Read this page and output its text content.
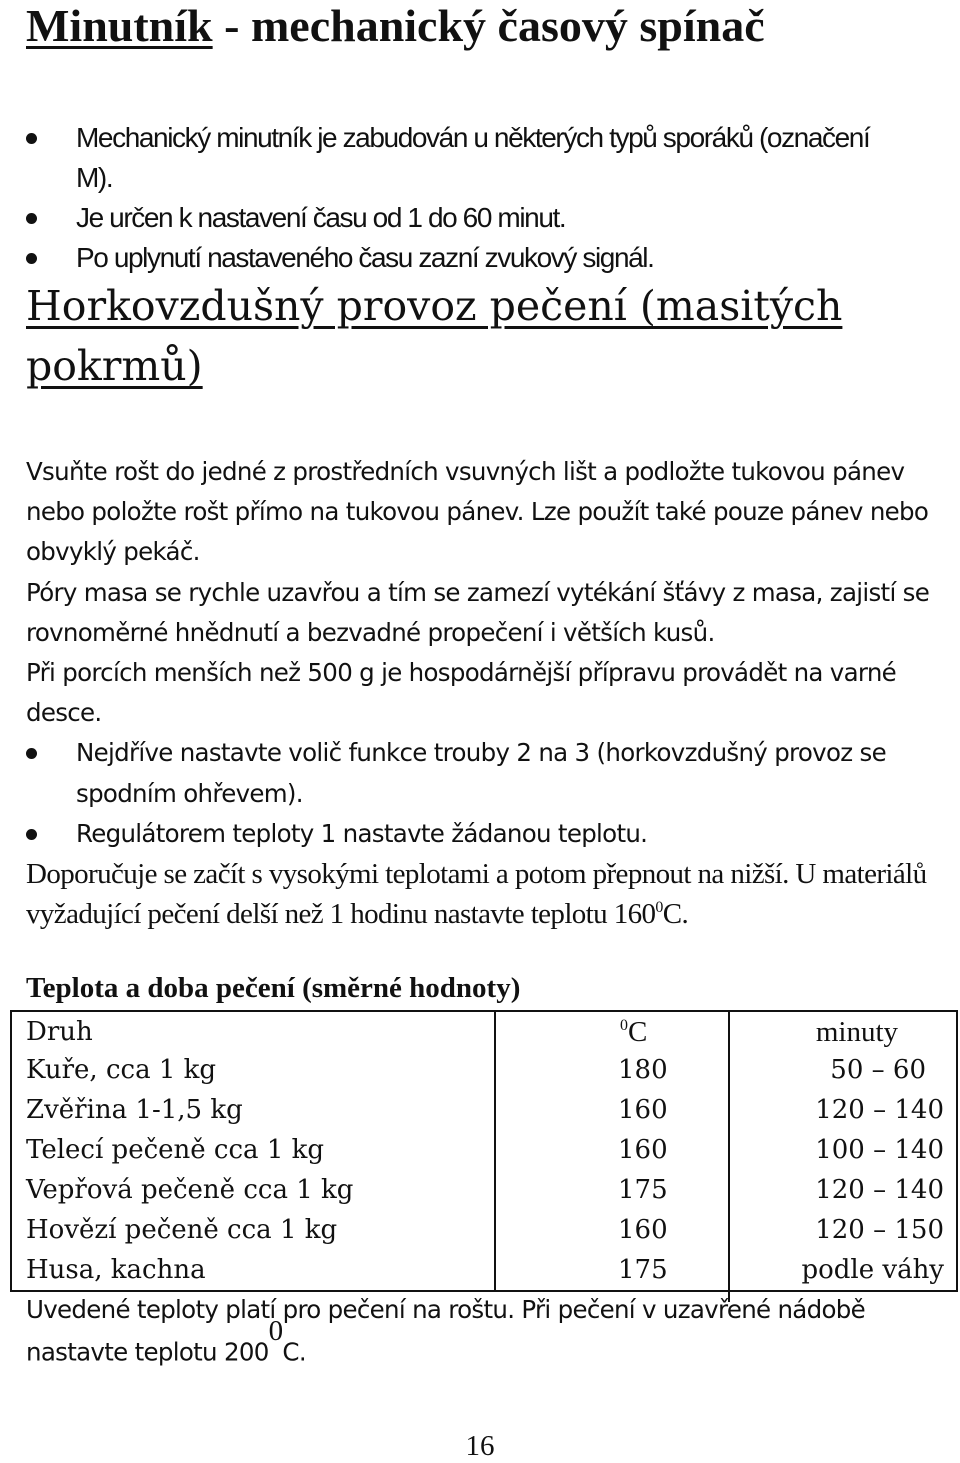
Minutník - mechanický časový spínač
Mechanický minutník je zabudován u některých typů sporáků (označení
M).
Je určen k nastavení času od 1 do 60 minut.
Po uplynutí nastaveného času zazní zvukový signál.
Horkovzdušný provoz pečení (masitých pokrmů)

Vsuňte rošt do jedné z prostředních vsuvných lišt a podložte tukovou pánev nebo položte rošt přímo na tukovou pánev. Lze použít také pouze pánev nebo obvyklý pekáč.

Póry masa se rychle uzavřou a tím se zamezí vytékání šťávy z masa, zajistí se rovnoměrné hnědnutí a bezvadné propečení i větších kusů.

Při porcích menších než 500 g je hospodárnější přípravu provádět na varné desce.

Nejdříve nastavte volič funkce trouby 2 na 3 (horkovzdušný provoz se spodním ohřevem).

Regulátorem teploty 1 nastavte žádanou teplotu.

Doporučuje se začít s vysokými teplotami a potom přepnout na nižší. U materiálů vyžadující pečení delší než 1 hodinu nastavte teplotu $160^0C$.

Teplota a doba pečení (směrné hodnoty)
Druh	$^0$C	minuty
Kuře, cca 1 kg	180	50 – 60
Zvěřina 1-1,5 kg	160	120 – 140
Telecí pečeně cca 1 kg	160	100 – 140
Vepřová pečeně cca 1 kg	175	120 – 140
Hovězí pečeně cca 1 kg	160	120 – 150
Husa, kachna	175	podle váhy
Uvedené teploty platí pro pečení na roštu. Při pečení v uzavřené nádobě nastavte teplotu $200^0C$.
16
